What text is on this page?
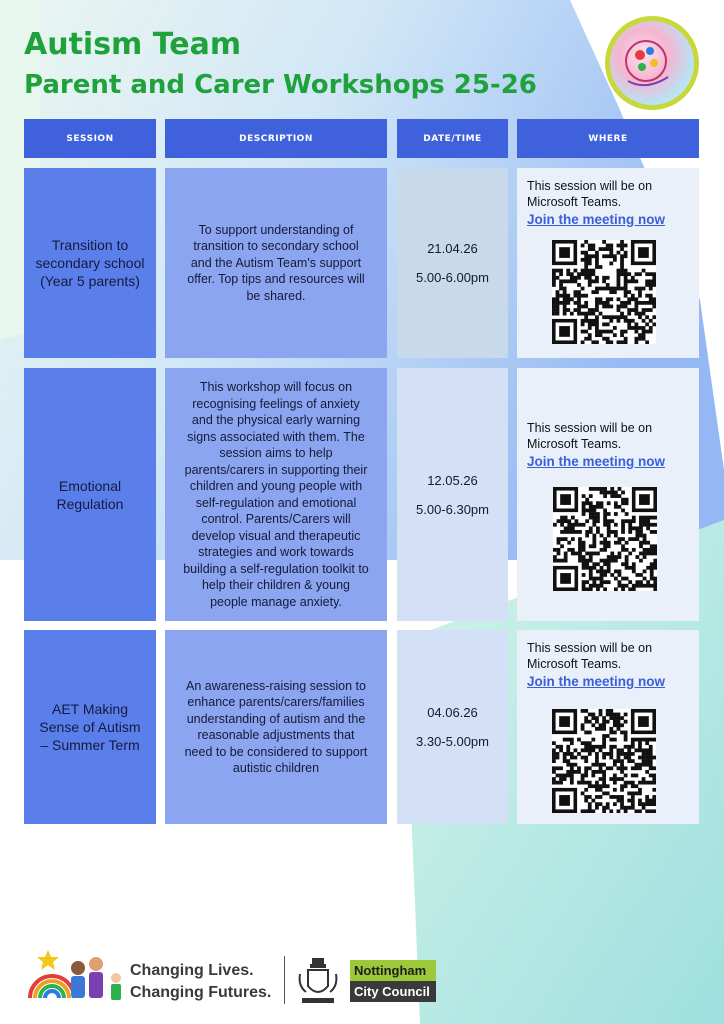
Autism Team
Parent and Carer Workshops 25-26
SESSION	DESCRIPTION	DATE/TIME	WHERE
Transition to secondary school (Year 5 parents)
To support understanding of transition to secondary school and the Autism Team's support offer. Top tips and resources will be shared.
21.04.26
5.00-6.00pm
This session will be on Microsoft Teams.
Join the meeting now
Emotional Regulation
This workshop will focus on recognising feelings of anxiety and the physical early warning signs associated with them. The session aims to help parents/carers in supporting their children and young people with self-regulation and emotional control. Parents/Carers will develop visual and therapeutic strategies and work towards building a self-regulation toolkit to help their children & young people manage anxiety.
12.05.26
5.00-6.30pm
This session will be on Microsoft Teams.
Join the meeting now
AET Making Sense of Autism – Summer Term
An awareness-raising session to enhance parents/carers/families understanding of autism and the reasonable adjustments that need to be considered to support autistic children
04.06.26
3.30-5.00pm
This session will be on Microsoft Teams.
Join the meeting now
Changing Lives.
Changing Futures.
Nottingham
City Council
